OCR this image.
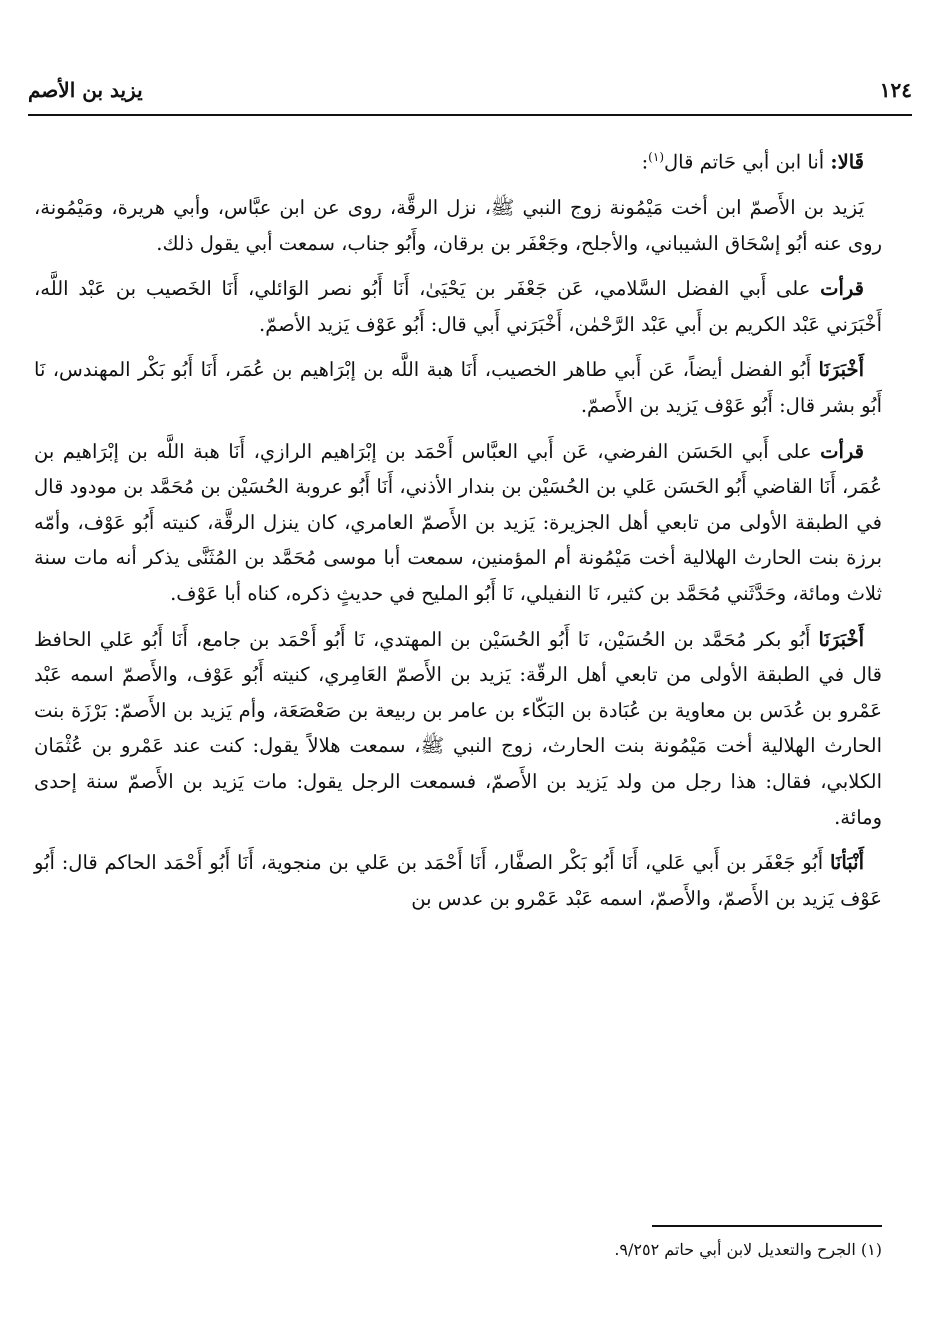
١٢٤
يزيد بن الأصم

قَالا: أنا ابن أبي حَاتم قال$^{(١)}$:

يَزيد بن الأَصمّ ابن أخت مَيْمُونة زوج النبي ﷺ، نزل الرقَّة، روى عن ابن عبَّاس، وأبي هريرة، ومَيْمُونة، روى عنه أبُو إسْحَاق الشيباني، والأجلح، وجَعْفَر بن برقان، وأَبُو جناب، سمعت أبي يقول ذلك.

قرأت على أَبي الفضل السَّلامي، عَن جَعْفَر بن يَحْيَىٰ، أَنَا أَبُو نصر الوَائلي، أَنَا الخَصيب بن عَبْد اللَّه، أَخْبَرَني عَبْد الكريم بن أَبي عَبْد الرَّحْمٰن، أَخْبَرَني أَبي قال: أَبُو عَوْف يَزيد الأصمّ.

أَخْبَرَنَا أَبُو الفضل أيضاً، عَن أَبي طاهر الخصيب، أَنَا هبة اللَّه بن إبْرَاهيم بن عُمَر، أَنَا أَبُو بَكْر المهندس، نَا أَبُو بشر قال: أَبُو عَوْف يَزيد بن الأَصمّ.

قرأت على أَبي الحَسَن الفرضي، عَن أَبي العبَّاس أَحْمَد بن إبْرَاهيم الرازي، أَنَا هبة اللَّه بن إبْرَاهيم بن عُمَر، أَنَا القاضي أَبُو الحَسَن عَلي بن الحُسَيْن بن بندار الأذني، أَنَا أَبُو عروبة الحُسَيْن بن مُحَمَّد بن مودود قال في الطبقة الأولى من تابعي أهل الجزيرة: يَزيد بن الأَصمّ العامري، كان ينزل الرقَّة، كنيته أَبُو عَوْف، وأمّه برزة بنت الحارث الهلالية أخت مَيْمُونة أم المؤمنين، سمعت أبا موسى مُحَمَّد بن المُثَنَّى يذكر أنه مات سنة ثلاث ومائة، وحَدَّثَني مُحَمَّد بن كثير، نَا النفيلي، نَا أَبُو المليح في حديثٍ ذكره، كناه أبا عَوْف.

أَخْبَرَنَا أَبُو بكر مُحَمَّد بن الحُسَيْن، نَا أَبُو الحُسَيْن بن المهتدي، نَا أَبُو أَحْمَد بن جامع، أَنَا أَبُو عَلي الحافظ قال في الطبقة الأولى من تابعي أهل الرقّة: يَزيد بن الأَصمّ العَامِري، كنيته أَبُو عَوْف، والأَصمّ اسمه عَبْد عَمْرو بن عُدَس بن معاوية بن عُبَادة بن البَكّاء بن عامر بن ربيعة بن صَعْصَعَة، وأم يَزيد بن الأَصمّ: بَرْزَة بنت الحارث الهلالية أخت مَيْمُونة بنت الحارث، زوج النبي ﷺ، سمعت هلالاً يقول: كنت عند عَمْرو بن عُثْمَان الكلابي، فقال: هذا رجل من ولد يَزيد بن الأَصمّ، فسمعت الرجل يقول: مات يَزيد بن الأَصمّ سنة إحدى ومائة.

أَنْبَأنَا أَبُو جَعْفَر بن أَبي عَلي، أَنَا أَبُو بَكْر الصفَّار، أَنَا أَحْمَد بن عَلي بن منجوية، أَنَا أَبُو أَحْمَد الحاكم قال: أَبُو عَوْف يَزيد بن الأَصمّ، والأَصمّ، اسمه عَبْد عَمْرو بن عدس بن

(١) الجرح والتعديل لابن أبي حاتم ٩/٢٥٢.
